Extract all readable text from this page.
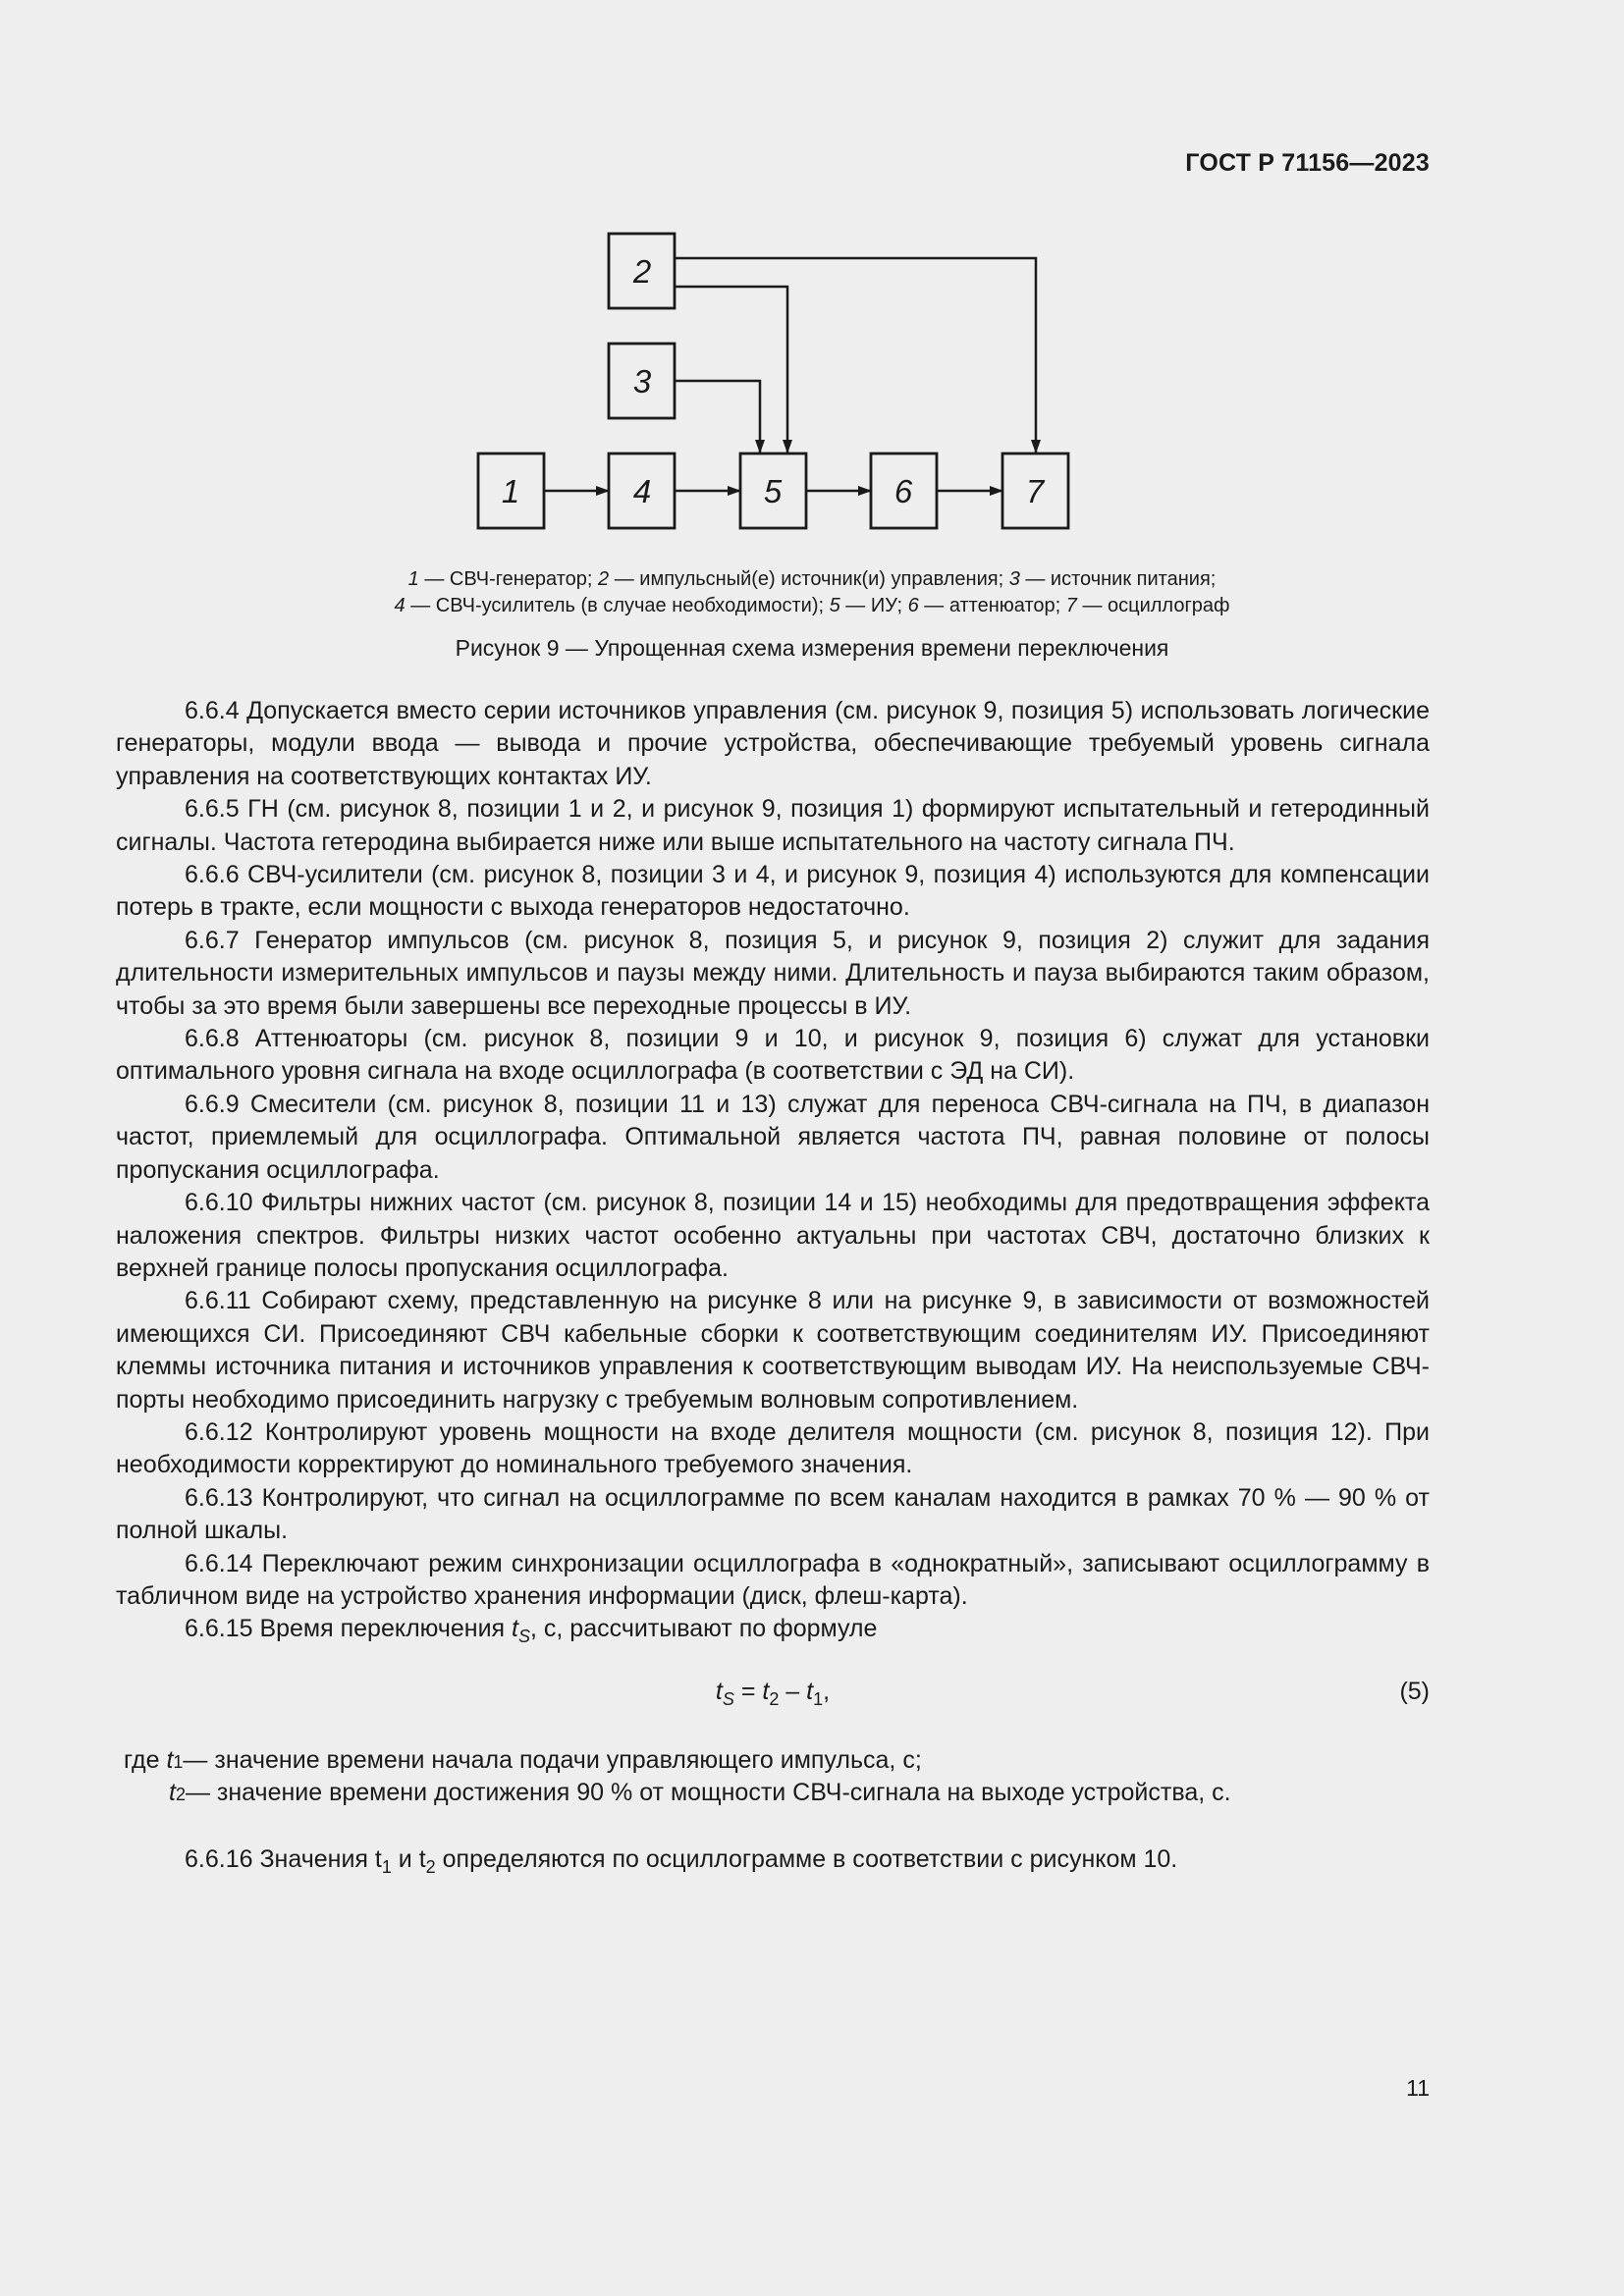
ГОСТ Р 71156—2023
1
2
3
4	5	6	7
1 — СВЧ-генератор; 2 — импульсный(е) источник(и) управления; 3 — источник питания;
4 — СВЧ-усилитель (в случае необходимости); 5 — ИУ; 6 — аттенюатор; 7 — осциллограф
Рисунок 9 — Упрощенная схема измерения времени переключения

6.6.4 Допускается вместо серии источников управления (см. рисунок 9, позиция 5) использовать логические генераторы, модули ввода — вывода и прочие устройства, обеспечивающие требуемый уровень сигнала управления на соответствующих контактах ИУ.

6.6.5 ГН (см. рисунок 8, позиции 1 и 2, и рисунок 9, позиция 1) формируют испытательный и гетеродинный сигналы. Частота гетеродина выбирается ниже или выше испытательного на частоту сигнала ПЧ.

6.6.6 СВЧ-усилители (см. рисунок 8, позиции 3 и 4, и рисунок 9, позиция 4) используются для компенсации потерь в тракте, если мощности с выхода генераторов недостаточно.

6.6.7 Генератор импульсов (см. рисунок 8, позиция 5, и рисунок 9, позиция 2) служит для задания длительности измерительных импульсов и паузы между ними. Длительность и пауза выбираются таким образом, чтобы за это время были завершены все переходные процессы в ИУ.

6.6.8 Аттенюаторы (см. рисунок 8, позиции 9 и 10, и рисунок 9, позиция 6) служат для установки оптимального уровня сигнала на входе осциллографа (в соответствии с ЭД на СИ).

6.6.9 Смесители (см. рисунок 8, позиции 11 и 13) служат для переноса СВЧ-сигнала на ПЧ, в диапазон частот, приемлемый для осциллографа. Оптимальной является частота ПЧ, равная половине от полосы пропускания осциллографа.

6.6.10 Фильтры нижних частот (см. рисунок 8, позиции 14 и 15) необходимы для предотвращения эффекта наложения спектров. Фильтры низких частот особенно актуальны при частотах СВЧ, достаточно близких к верхней границе полосы пропускания осциллографа.

6.6.11 Собирают схему, представленную на рисунке 8 или на рисунке 9, в зависимости от возможностей имеющихся СИ. Присоединяют СВЧ кабельные сборки к соответствующим соединителям ИУ. Присоединяют клеммы источника питания и источников управления к соответствующим выводам ИУ. На неиспользуемые СВЧ-порты необходимо присоединить нагрузку с требуемым волновым сопротивлением.

6.6.12 Контролируют уровень мощности на входе делителя мощности (см. рисунок 8, позиция 12). При необходимости корректируют до номинального требуемого значения.

6.6.13 Контролируют, что сигнал на осциллограмме по всем каналам находится в рамках 70 % — 90 % от полной шкалы.

6.6.14 Переключают режим синхронизации осциллографа в «однократный», записывают осциллограмму в табличном виде на устройство хранения информации (диск, флеш-карта).

6.6.15 Время переключения $t_S$, с, рассчитывают по формуле

$t_S = t_2 - t_1$,	(5)
где
t 1 — значение времени начала подачи управляющего импульса, с;
t 2 — значение времени достижения 90 % от мощности СВЧ-сигнала на выходе устройства, с.

6.6.16 Значения $t_1$ и $t_2$ определяются по осциллограмме в соответствии с рисунком 10.

11
